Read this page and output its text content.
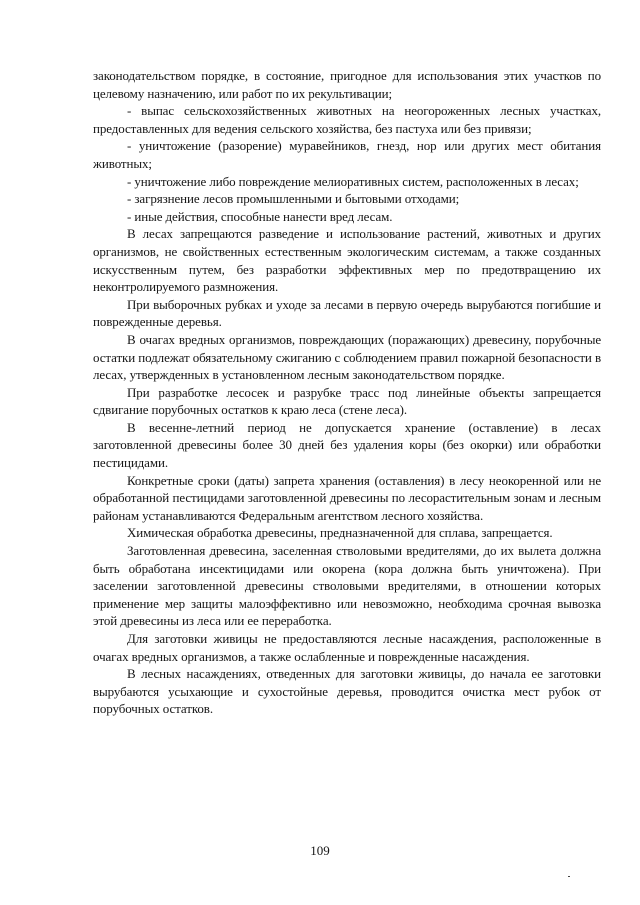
законодательством порядке, в состояние, пригодное для использования этих участков по целевому назначению, или работ по их рекультивации;

- выпас сельскохозяйственных животных на неогороженных лесных участках, предоставленных для ведения сельского хозяйства, без пастуха или без привязи;

- уничтожение (разорение) муравейников, гнезд, нор или других мест обитания животных;

- уничтожение либо повреждение мелиоративных систем, расположенных в лесах;

- загрязнение лесов промышленными и бытовыми отходами;

- иные действия, способные нанести вред лесам.

В лесах запрещаются разведение и использование растений, животных и других организмов, не свойственных естественным экологическим системам, а также созданных искусственным путем, без разработки эффективных мер по предотвращению их неконтролируемого размножения.

При выборочных рубках и уходе за лесами в первую очередь вырубаются погибшие и поврежденные деревья.

В очагах вредных организмов, повреждающих (поражающих) древесину, порубочные остатки подлежат обязательному сжиганию с соблюдением правил пожарной безопасности в лесах, утвержденных в установленном лесным законодательством порядке.

При разработке лесосек и разрубке трасс под линейные объекты запрещается сдвигание порубочных остатков к краю леса (стене леса).

В весенне-летний период не допускается хранение (оставление) в лесах заготовленной древесины более 30 дней без удаления коры (без окорки) или обработки пестицидами.

Конкретные сроки (даты) запрета хранения (оставления) в лесу неокоренной или не обработанной пестицидами заготовленной древесины по лесорастительным зонам и лесным районам устанавливаются Федеральным агентством лесного хозяйства.

Химическая обработка древесины, предназначенной для сплава, запрещается.

Заготовленная древесина, заселенная стволовыми вредителями, до их вылета должна быть обработана инсектицидами или окорена (кора должна быть уничтожена). При заселении заготовленной древесины стволовыми вредителями, в отношении которых применение мер защиты малоэффективно или невозможно, необходима срочная вывозка этой древесины из леса или ее переработка.

Для заготовки живицы не предоставляются лесные насаждения, расположенные в очагах вредных организмов, а также ослабленные и поврежденные насаждения.

В лесных насаждениях, отведенных для заготовки живицы, до начала ее заготовки вырубаются усыхающие и сухостойные деревья, проводится очистка мест рубок от порубочных остатков.

109
